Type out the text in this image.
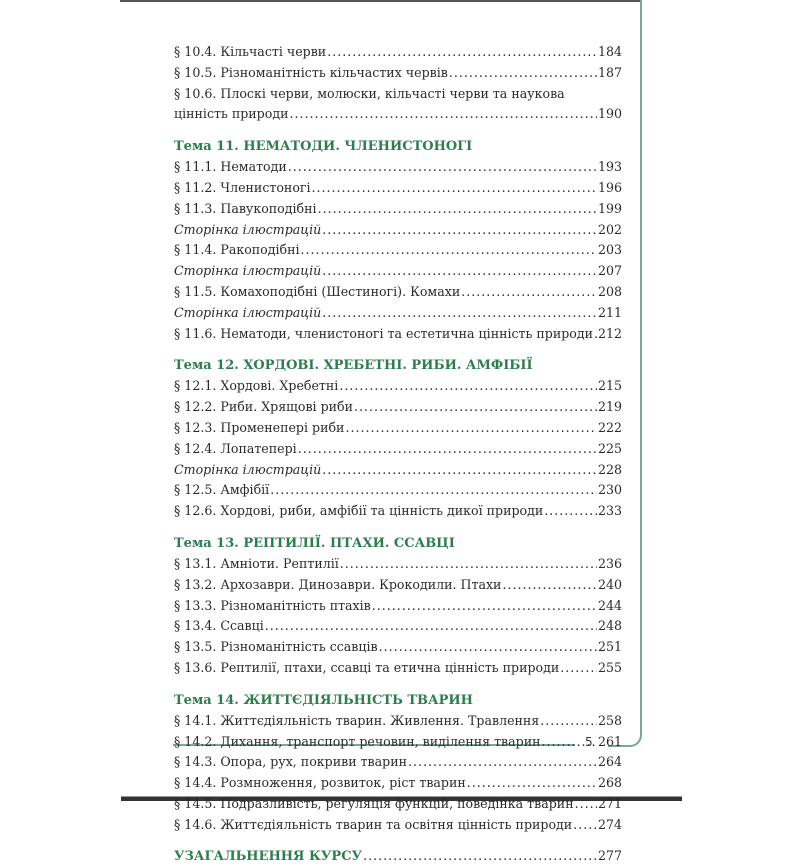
5
§ 10.4. Кільчасті черви .....	184
§ 10.5. Різноманітність кільчастих червів .....	187
§ 10.6. Плоскі черви, молюски, кільчасті черви та наукова
цінність природи .....	190
Тема 11. НЕМАТОДИ. ЧЛЕНИСТОНОГІ
§ 11.1. Нематоди .....	193
§ 11.2. Членистоногі .....	196
§ 11.3. Павукоподібні .....	199
Сторінка ілюстрацій .....	202
§ 11.4. Ракоподібні .....	203
Сторінка ілюстрацій .....	207
§ 11.5. Комахоподібні (Шестиногі). Комахи .....	208
Сторінка ілюстрацій .....	211
§ 11.6. Нематоди, членистоногі та естетична цінність природи ..... 212
Тема 12. ХОРДОВІ. ХРЕБЕТНІ. РИБИ. АМФІБІЇ
§ 12.1. Хордові. Хребетні .....	215
§ 12.2. Риби. Хрящові риби .....	219
§ 12.3. Променепері риби .....	222
§ 12.4. Лопатепері .....	225
Сторінка ілюстрацій .....	228
§ 12.5. Амфібії .....	230
§ 12.6. Хордові, риби, амфібії та цінність дикої природи .....	233
Тема 13. РЕПТИЛІЇ. ПТАХИ. ССАВЦІ
§ 13.1. Амніоти. Рептилії .....	236
§ 13.2. Архозаври. Динозаври. Крокодили. Птахи .....	240
§ 13.3. Різноманітність птахів .....	244
§ 13.4. Ссавці .....	248
§ 13.5. Різноманітність ссавців .....	251
§ 13.6. Рептилії, птахи, ссавці та етична цінність природи .....	255
Тема 14. ЖИТТЄДІЯЛЬНІСТЬ ТВАРИН
§ 14.1. Життєдіяльність тварин. Живлення. Травлення .....	258
§ 14.2. Дихання, транспорт речовин, виділення тварин .....	261
§ 14.3. Опора, рух, покриви тварин .....	264
§ 14.4. Розмноження, розвиток, ріст тварин .....	268
§ 14.5. Подразливість, регуляція функцій, поведінка тварин ..... 271
§ 14.6. Життєдіяльність тварин та освітня цінність природи ..... 274
УЗАГАЛЬНЕННЯ КУРСУ .....	277
